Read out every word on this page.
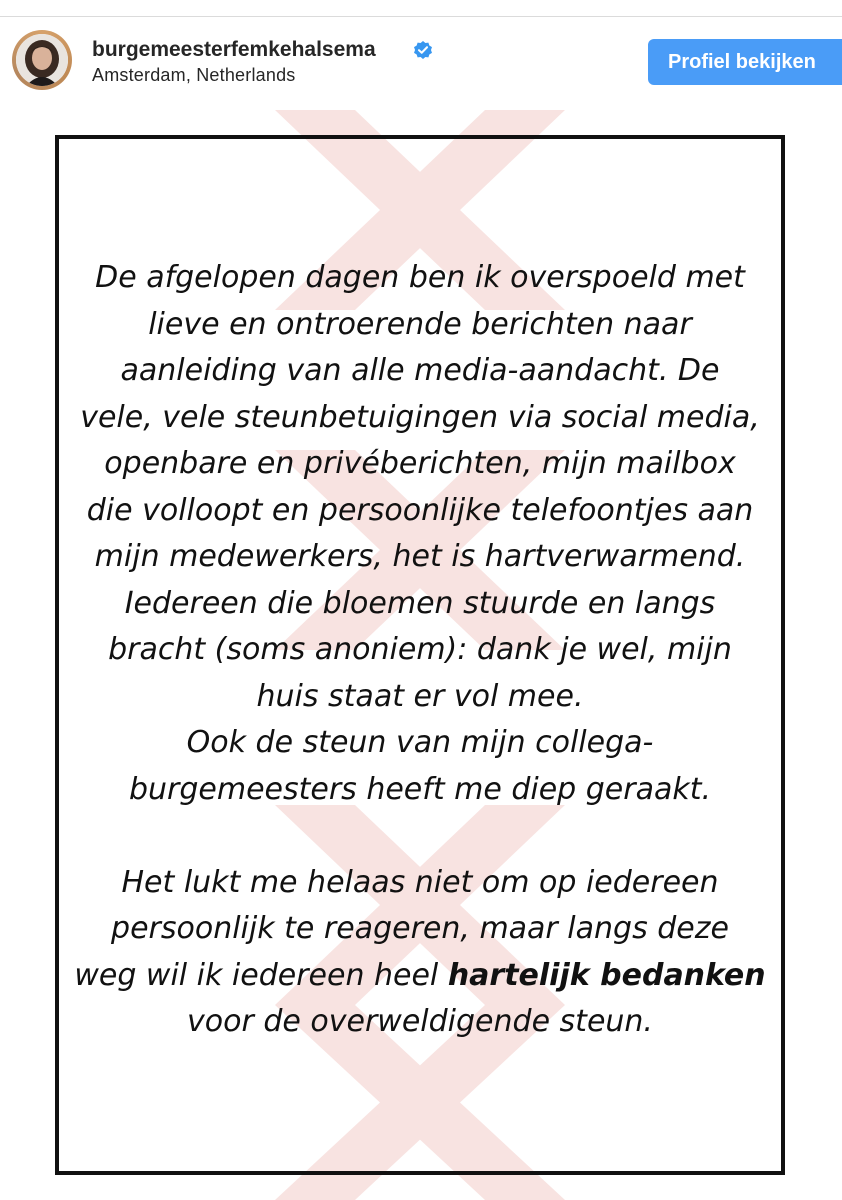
burgemeesterfemkehalsema
Amsterdam, Netherlands
Profiel bekijken

De afgelopen dagen ben ik overspoeld met

lieve en ontroerende berichten naar

aanleiding van alle media-aandacht. De

vele, vele steunbetuigingen via social media,

openbare en privéberichten, mijn mailbox

die volloopt en persoonlijke telefoontjes aan

mijn medewerkers, het is hartverwarmend.

Iedereen die bloemen stuurde en langs

bracht (soms anoniem): dank je wel, mijn

huis staat er vol mee.

Ook de steun van mijn collega-

burgemeesters heeft me diep geraakt.

Het lukt me helaas niet om op iedereen

persoonlijk te reageren, maar langs deze

weg wil ik iedereen heel hartelijk bedanken

voor de overweldigende steun.
